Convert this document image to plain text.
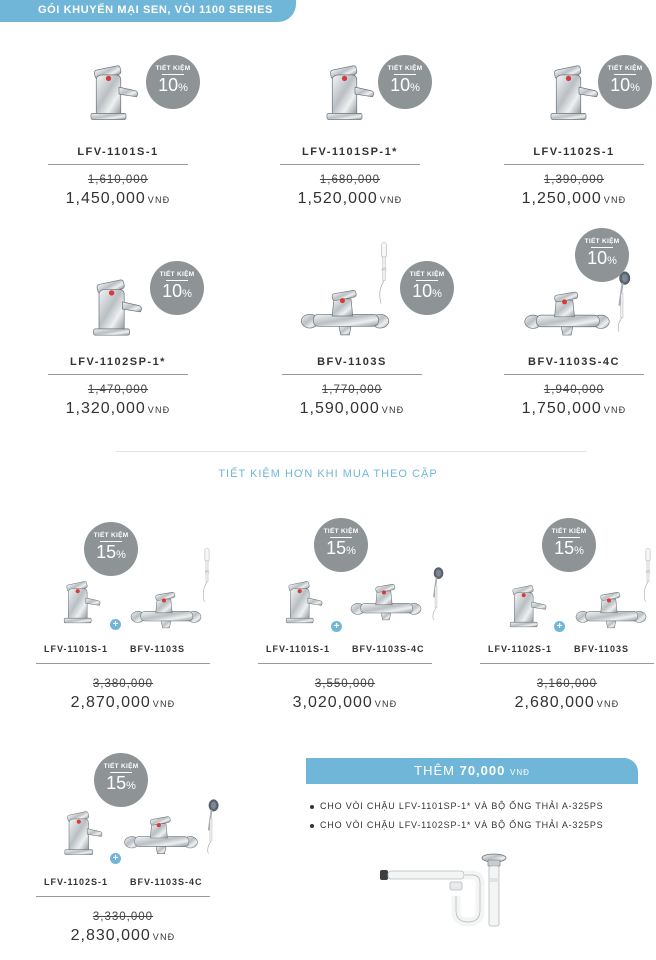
GÓI KHUYẾN MẠI SEN, VÒI 1100 SERIES
TIẾT KIỆM
10%
LFV-1101S-1
1,610,000
1,450,000 VNĐ
TIẾT KIỆM
10%
LFV-1101SP-1*
1,680,000
1,520,000 VNĐ
TIẾT KIỆM
10%
LFV-1102S-1
1,390,000
1,250,000 VNĐ
TIẾT KIỆM
10%
LFV-1102SP-1*
1,470,000
1,320,000 VNĐ
TIẾT KIỆM
10%
BFV-1103S
1,770,000
1,590,000 VNĐ
TIẾT KIỆM
10%
BFV-1103S-4C
1,940,000
1,750,000 VNĐ
TIẾT KIỆM HƠN KHI MUA THEO CẶP
TIẾT KIỆM
15%
+
LFV-1101S-1 BFV-1103S
3,380,000
2,870,000 VNĐ
TIẾT KIỆM
15%
+
LFV-1101S-1 BFV-1103S-4C
3,550,000
3,020,000 VNĐ
TIẾT KIỆM
15%
+
LFV-1102S-1 BFV-1103S
3,160,000
2,680,000 VNĐ
TIẾT KIỆM
15%
+
LFV-1102S-1 BFV-1103S-4C
3,330,000
2,830,000 VNĐ
THÊM 70,000 VNĐ
CHO VÒI CHẬU LFV-1101SP-1* VÀ BỘ ỐNG THẢI A-325PS
CHO VÒI CHẬU LFV-1102SP-1* VÀ BỘ ỐNG THẢI A-325PS
